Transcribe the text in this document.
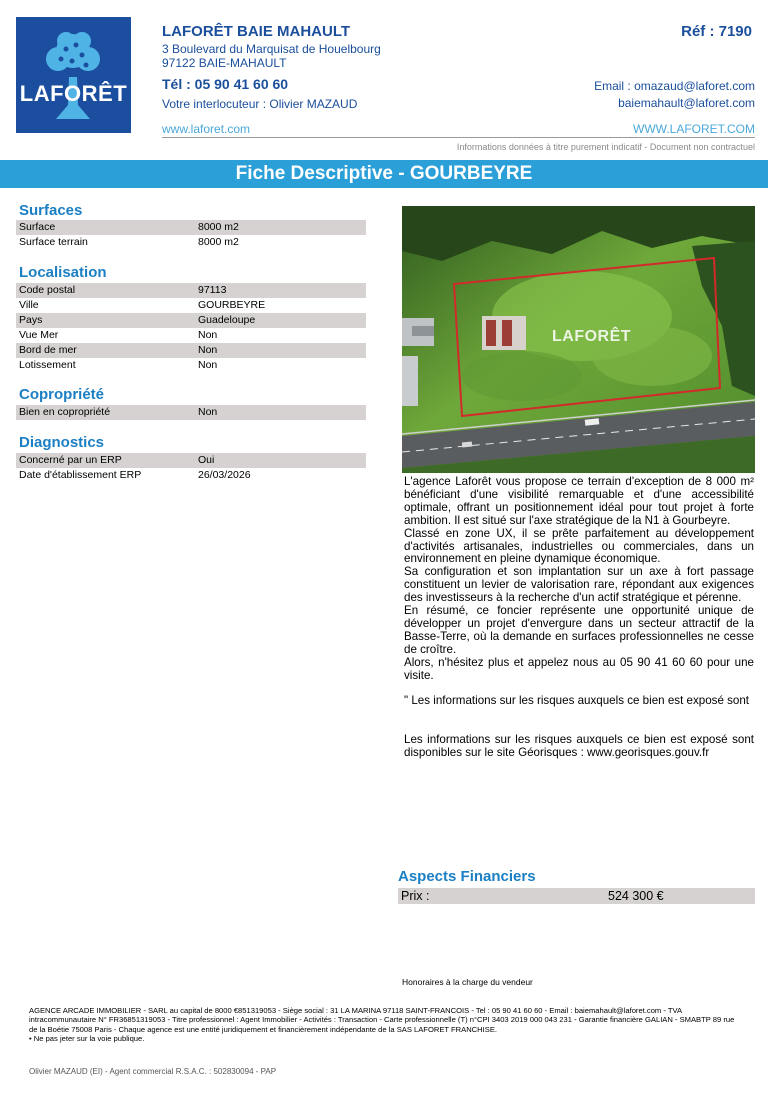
LAFORÊT
LAFORÊT BAIE MAHAULT
3 Boulevard du Marquisat de Houelbourg
97122 BAIE-MAHAULT
Tél : 05 90 41 60 60
Votre interlocuteur : Olivier MAZAUD
Réf : 7190
Email : omazaud@laforet.com
baiemahault@laforet.com
www.laforet.com	WWW.LAFORET.COM
Informations données à titre purement indicatif - Document non contractuel
Fiche Descriptive - GOURBEYRE
Surfaces
Surface	8000 m2
Surface terrain	8000 m2
Localisation
Code postal	97113
Ville	GOURBEYRE
Pays	Guadeloupe
Vue Mer	Non
Bord de mer	Non
Lotissement	Non
Copropriété
Bien en copropriété	Non
Diagnostics
Concerné par un ERP	Oui
Date d'établissement ERP	26/03/2026
LAFORÊT

L'agence Laforêt vous propose ce terrain d'exception de 8 000 m² bénéficiant d'une visibilité remarquable et d'une accessibilité optimale, offrant un positionnement idéal pour tout projet à forte ambition. Il est situé sur l'axe stratégique de la N1 à Gourbeyre.

Classé en zone UX, il se prête parfaitement au développement d'activités artisanales, industrielles ou commerciales, dans un environnement en pleine dynamique économique.

Sa configuration et son implantation sur un axe à fort passage constituent un levier de valorisation rare, répondant aux exigences des investisseurs à la recherche d'un actif stratégique et pérenne.

En résumé, ce foncier représente une opportunité unique de développer un projet d'envergure dans un secteur attractif de la Basse-Terre, où la demande en surfaces professionnelles ne cesse de croître.

Alors, n'hésitez plus et appelez nous au 05 90 41 60 60 pour une visite.

" Les informations sur les risques auxquels ce bien est exposé sont

Les informations sur les risques auxquels ce bien est exposé sont disponibles sur le site Géorisques : www.georisques.gouv.fr

Aspects Financiers
Prix :	524 300 €
Honoraires à la charge du vendeur

AGENCE ARCADE IMMOBILIER - SARL au capital de 8000 €851319053 - Siège social : 31 LA MARINA 97118 SAINT-FRANCOIS - Tel : 05 90 41 60 60 - Email : baiemahault@laforet.com - TVA intracommunautaire N° FR36851319053 - Titre professionnel : Agent Immobilier - Activités : Transaction - Carte professionnelle (T) n°CPI 3403 2019 000 043 231 - Garantie financière GALIAN - SMABTP 89 rue de la Boétie 75008 Paris - Chaque agence est une entité juridiquement et financièrement indépendante de la SAS LAFORET FRANCHISE.

• Ne pas jeter sur la voie publique.

Olivier MAZAUD (EI) - Agent commercial R.S.A.C. : 502830094 - PAP
